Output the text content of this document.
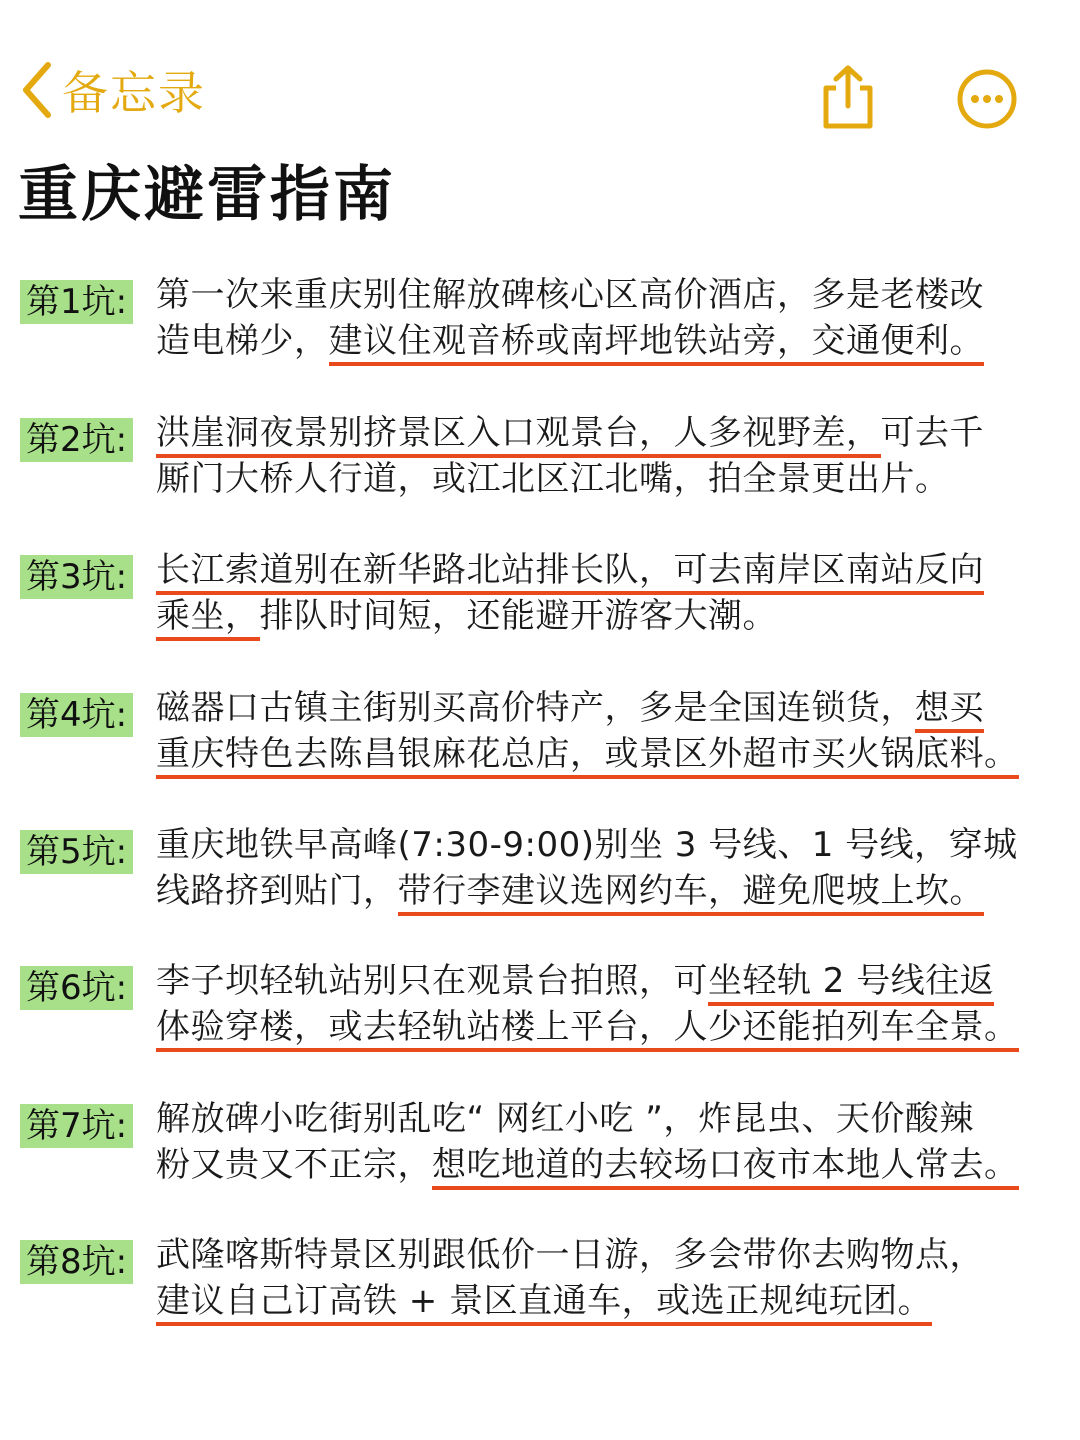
备忘录
重庆避雷指南
第1坑: 第一次来重庆别住解放碑核心区高价酒店，多是老楼改
造电梯少，建议住观音桥或南坪地铁站旁，交通便利。
第2坑: 洪崖洞夜景别挤景区入口观景台，人多视野差，可去千
厮门大桥人行道，或江北区江北嘴，拍全景更出片。
第3坑: 长江索道别在新华路北站排长队，可去南岸区南站反向
乘坐，排队时间短，还能避开游客大潮。
第4坑: 磁器口古镇主街别买高价特产，多是全国连锁货，想买
重庆特色去陈昌银麻花总店，或景区外超市买火锅底料。
第5坑: 重庆地铁早高峰(7:30-9:00)别坐 3 号线、1 号线，穿城
线路挤到贴门，带行李建议选网约车，避免爬坡上坎。
第6坑: 李子坝轻轨站别只在观景台拍照，可坐轻轨 2 号线往返
体验穿楼，或去轻轨站楼上平台，人少还能拍列车全景。
第7坑: 解放碑小吃街别乱吃“ 网红小吃 ”，炸昆虫、天价酸辣
粉又贵又不正宗，想吃地道的去较场口夜市本地人常去。
第8坑: 武隆喀斯特景区别跟低价一日游，多会带你去购物点，
建议自己订高铁 + 景区直通车，或选正规纯玩团。
